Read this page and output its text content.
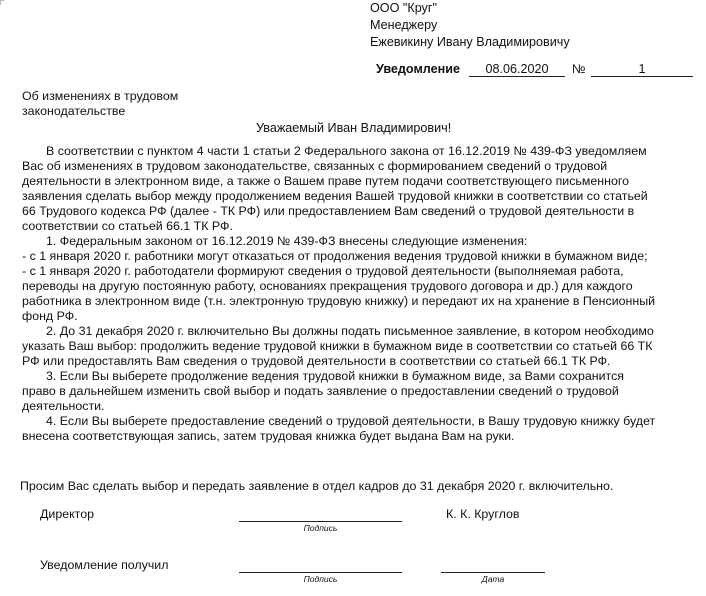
ООО "Круг"
Менеджеру
Ежевикину Ивану Владимировичу
Уведомление	08.06.2020	№	1
Об изменениях в трудовом
законодательстве
Уважаемый Иван Владимирович!

В соответствии с пунктом 4 части 1 статьи 2 Федерального закона от 16.12.2019 № 439-ФЗ уведомляем

Вас об изменениях в трудовом законодательстве, связанных с формированием сведений о трудовой

деятельности в электронном виде, а также о Вашем праве путем подачи соответствующего письменного

заявления сделать выбор между продолжением ведения Вашей трудовой книжки в соответствии со статьей

66 Трудового кодекса РФ (далее - ТК РФ) или предоставлением Вам сведений о трудовой деятельности в

соответствии со статьей 66.1 ТК РФ.

1. Федеральным законом от 16.12.2019 № 439-ФЗ внесены следующие изменения:

- с 1 января 2020 г. работники могут отказаться от продолжения ведения трудовой книжки в бумажном виде;

- с 1 января 2020 г. работодатели формируют сведения о трудовой деятельности (выполняемая работа,

переводы на другую постоянную работу, основаниях прекращения трудового договора и др.) для каждого

работника в электронном виде (т.н. электронную трудовую книжку) и передают их на хранение в Пенсионный

фонд РФ.

2. До 31 декабря 2020 г. включительно Вы должны подать письменное заявление, в котором необходимо

указать Ваш выбор: продолжить ведение трудовой книжки в бумажном виде в соответствии со статьей 66 ТК

РФ или предоставлять Вам сведения о трудовой деятельности в соответствии со статьей 66.1 ТК РФ.

3. Если Вы выберете продолжение ведения трудовой книжки в бумажном виде, за Вами сохранится

право в дальнейшем изменить свой выбор и подать заявление о предоставлении сведений о трудовой

деятельности.

4. Если Вы выберете предоставление сведений о трудовой деятельности, в Вашу трудовую книжку будет

внесена соответствующая запись, затем трудовая книжка будет выдана Вам на руки.

Просим Вас сделать выбор и передать заявление в отдел кадров до 31 декабря 2020 г. включительно.
Директор
Подпись
К. К. Круглов
Уведомление получил
Подпись	Дата
